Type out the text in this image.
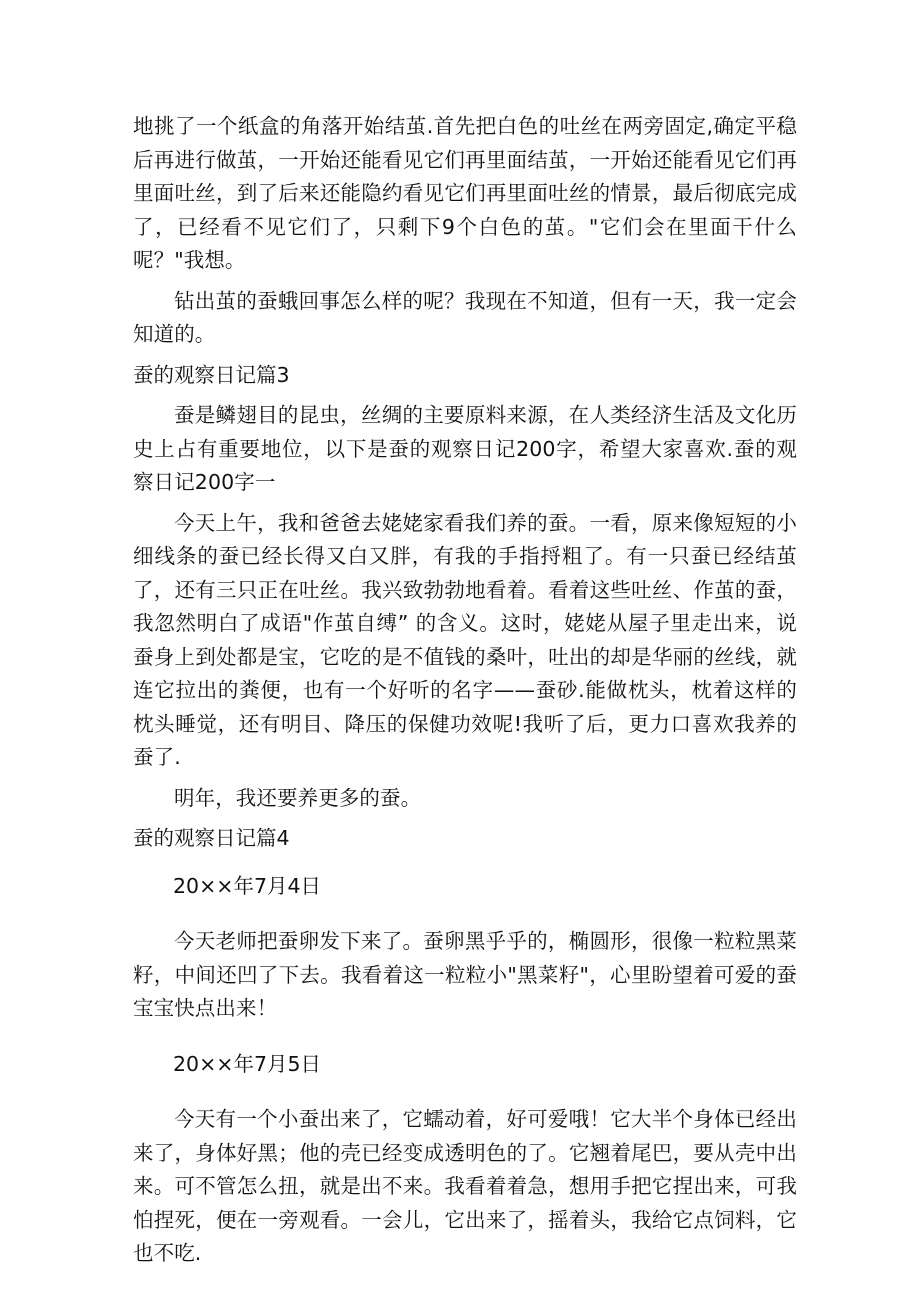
地挑了一个纸盒的角落开始结茧.首先把白色的吐丝在两旁固定,确定平稳后再进行做茧，一开始还能看见它们再里面结茧，一开始还能看见它们再里面吐丝，到了后来还能隐约看见它们再里面吐丝的情景，最后彻底完成了，已经看不见它们了，只剩下9个白色的茧。"它们会在里面干什么呢？"我想。

钻出茧的蚕蛾回事怎么样的呢？我现在不知道，但有一天，我一定会知道的。

蚕的观察日记篇3

蚕是鳞翅目的昆虫，丝绸的主要原料来源，在人类经济生活及文化历史上占有重要地位，以下是蚕的观察日记200字，希望大家喜欢.蚕的观察日记200字一

今天上午，我和爸爸去姥姥家看我们养的蚕。一看，原来像短短的小细线条的蚕已经长得又白又胖，有我的手指捋粗了。有一只蚕已经结茧了，还有三只正在吐丝。我兴致勃勃地看着。看着这些吐丝、作茧的蚕，我忽然明白了成语"作茧自缚” 的含义。这时，姥姥从屋子里走出来，说蚕身上到处都是宝，它吃的是不值钱的桑叶，吐出的却是华丽的丝线，就连它拉出的粪便，也有一个好听的名字——蚕砂.能做枕头，枕着这样的枕头睡觉，还有明目、降压的保健功效呢!我听了后，更力口喜欢我养的蚕了.

明年，我还要养更多的蚕。

蚕的观察日记篇4

20××年7月4日

今天老师把蚕卵发下来了。蚕卵黑乎乎的，椭圆形，很像一粒粒黑菜籽，中间还凹了下去。我看着这一粒粒小"黑菜籽"，心里盼望着可爱的蚕宝宝快点出来！

20××年7月5日

今天有一个小蚕出来了，它蠕动着，好可爱哦！它大半个身体已经出来了，身体好黑；他的壳已经变成透明色的了。它翘着尾巴，要从壳中出来。可不管怎么扭，就是出不来。我看着着急，想用手把它捏出来，可我怕捏死，便在一旁观看。一会儿，它出来了，摇着头，我给它点饲料，它也不吃.
